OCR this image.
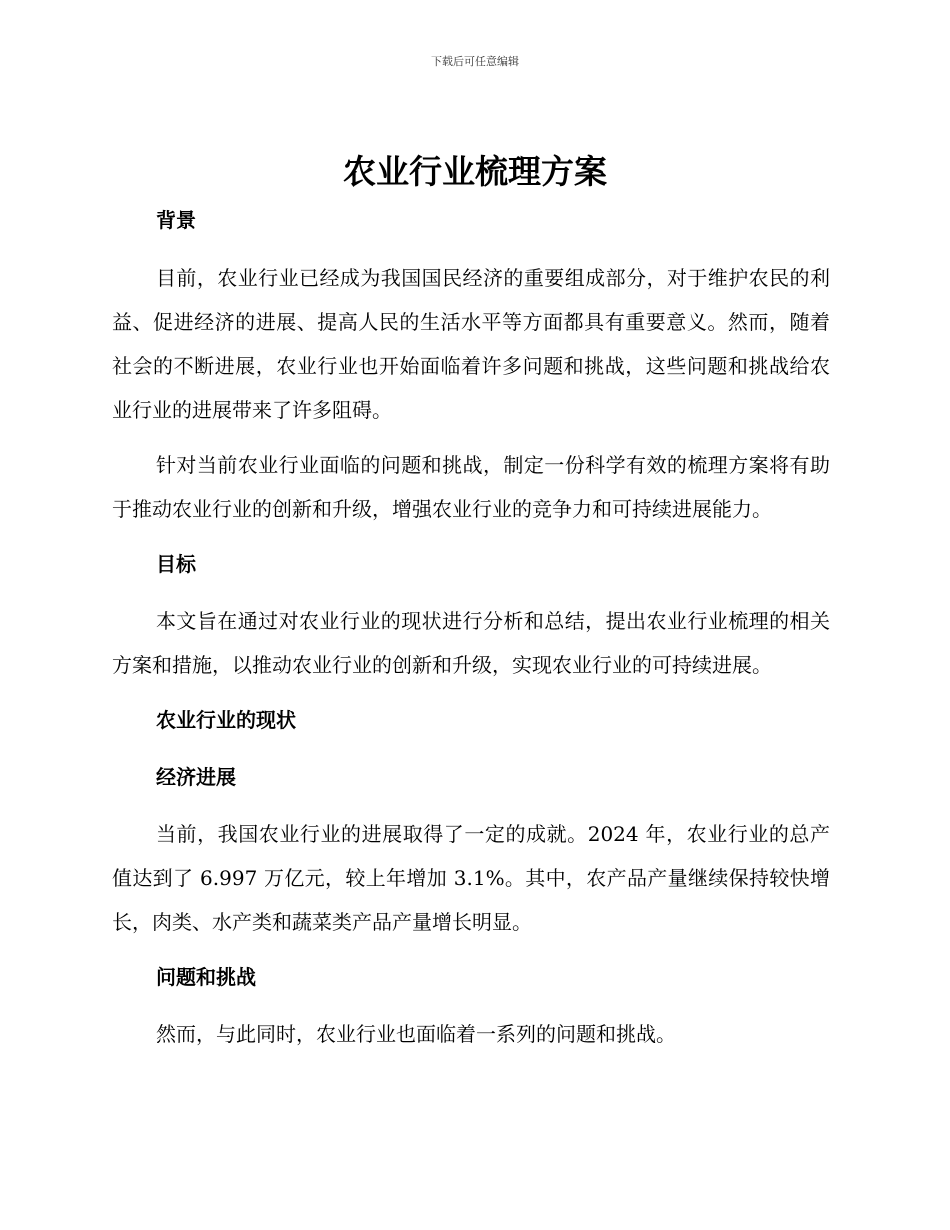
下载后可任意编辑
农业行业梳理方案
背景

目前，农业行业已经成为我国国民经济的重要组成部分，对于维护农民的利益、促进经济的进展、提高人民的生活水平等方面都具有重要意义。然而，随着社会的不断进展，农业行业也开始面临着许多问题和挑战，这些问题和挑战给农业行业的进展带来了许多阻碍。

针对当前农业行业面临的问题和挑战，制定一份科学有效的梳理方案将有助于推动农业行业的创新和升级，增强农业行业的竞争力和可持续进展能力。

目标

本文旨在通过对农业行业的现状进行分析和总结，提出农业行业梳理的相关方案和措施，以推动农业行业的创新和升级，实现农业行业的可持续进展。

农业行业的现状
经济进展

当前，我国农业行业的进展取得了一定的成就。2024 年，农业行业的总产值达到了 6.997 万亿元，较上年增加 3.1%。其中，农产品产量继续保持较快增长，肉类、水产类和蔬菜类产品产量增长明显。

问题和挑战

然而，与此同时，农业行业也面临着一系列的问题和挑战。
